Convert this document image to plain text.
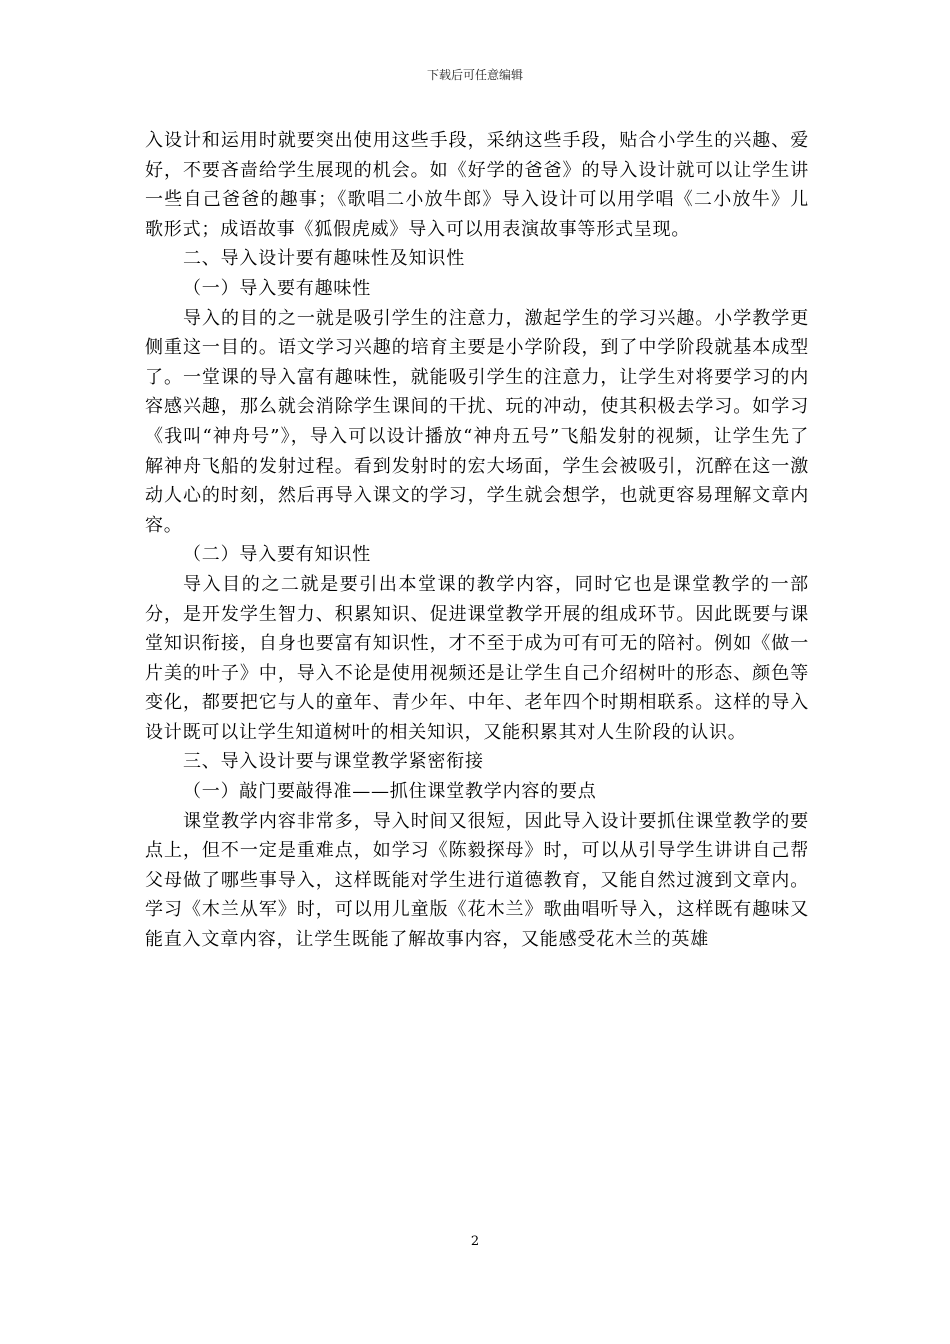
下载后可任意编辑

入设计和运用时就要突出使用这些手段，采纳这些手段，贴合小学生的兴趣、爱好，不要吝啬给学生展现的机会。如《好学的爸爸》的导入设计就可以让学生讲一些自己爸爸的趣事；《歌唱二小放牛郎》导入设计可以用学唱《二小放牛》儿歌形式；成语故事《狐假虎威》导入可以用表演故事等形式呈现。

二、导入设计要有趣味性及知识性

（一）导入要有趣味性

导入的目的之一就是吸引学生的注意力，激起学生的学习兴趣。小学教学更侧重这一目的。语文学习兴趣的培育主要是小学阶段，到了中学阶段就基本成型了。一堂课的导入富有趣味性，就能吸引学生的注意力，让学生对将要学习的内容感兴趣，那么就会消除学生课间的干扰、玩的冲动，使其积极去学习。如学习《我叫“神舟号”》，导入可以设计播放“神舟五号”飞船发射的视频，让学生先了解神舟飞船的发射过程。看到发射时的宏大场面，学生会被吸引，沉醉在这一激动人心的时刻，然后再导入课文的学习，学生就会想学，也就更容易理解文章内容。

（二）导入要有知识性

导入目的之二就是要引出本堂课的教学内容，同时它也是课堂教学的一部分，是开发学生智力、积累知识、促进课堂教学开展的组成环节。因此既要与课堂知识衔接，自身也要富有知识性，才不至于成为可有可无的陪衬。例如《做一片美的叶子》中，导入不论是使用视频还是让学生自己介绍树叶的形态、颜色等变化，都要把它与人的童年、青少年、中年、老年四个时期相联系。这样的导入设计既可以让学生知道树叶的相关知识，又能积累其对人生阶段的认识。

三、导入设计要与课堂教学紧密衔接

（一）敲门要敲得准——抓住课堂教学内容的要点

课堂教学内容非常多，导入时间又很短，因此导入设计要抓住课堂教学的要点上，但不一定是重难点，如学习《陈毅探母》时，可以从引导学生讲讲自己帮父母做了哪些事导入，这样既能对学生进行道德教育，又能自然过渡到文章内。学习《木兰从军》时，可以用儿童版《花木兰》歌曲唱听导入，这样既有趣味又能直入文章内容，让学生既能了解故事内容，又能感受花木兰的英雄

2
